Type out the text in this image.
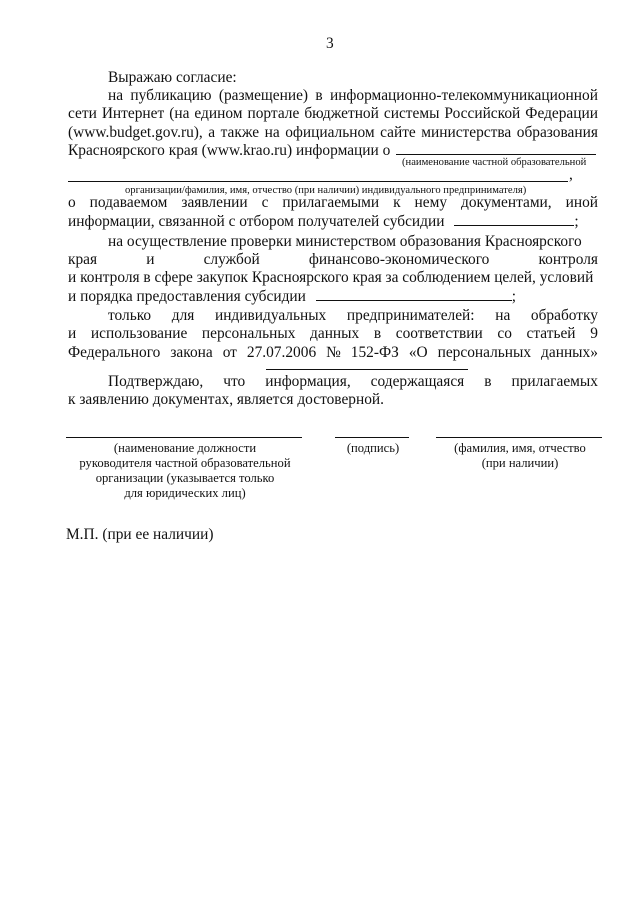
3
Выражаю согласие:
на публикацию (размещение) в информационно-телекоммуникационной
сети Интернет (на едином портале бюджетной системы Российской Федерации
(www.budget.gov.ru), а также на официальном сайте министерства образования
Красноярского края (www.krao.ru) информации о
(наименование частной образовательной
,
организации/фамилия, имя, отчество (при наличии) индивидуального предпринимателя)
о подаваемом заявлении с прилагаемыми к нему документами, иной
информации, связанной с отбором получателей субсидии	;
на осуществление проверки министерством образования Красноярского
края	и	службой	финансово-экономического	контроля
и контроля в сфере закупок Красноярского края за соблюдением целей, условий
и порядка предоставления субсидии	;
только для индивидуальных предпринимателей: на обработку
и использование персональных данных в соответствии со статьей 9
Федерального закона от 27.07.2006 № 152-ФЗ «О персональных данных»
Подтверждаю, что информация, содержащаяся в прилагаемых
к заявлению документах, является достоверной.
(наименование должности
руководителя частной образовательной
организации (указывается только
для юридических лиц)
(подпись)	(фамилия, имя, отчество
(при наличии)
М.П. (при ее наличии)
